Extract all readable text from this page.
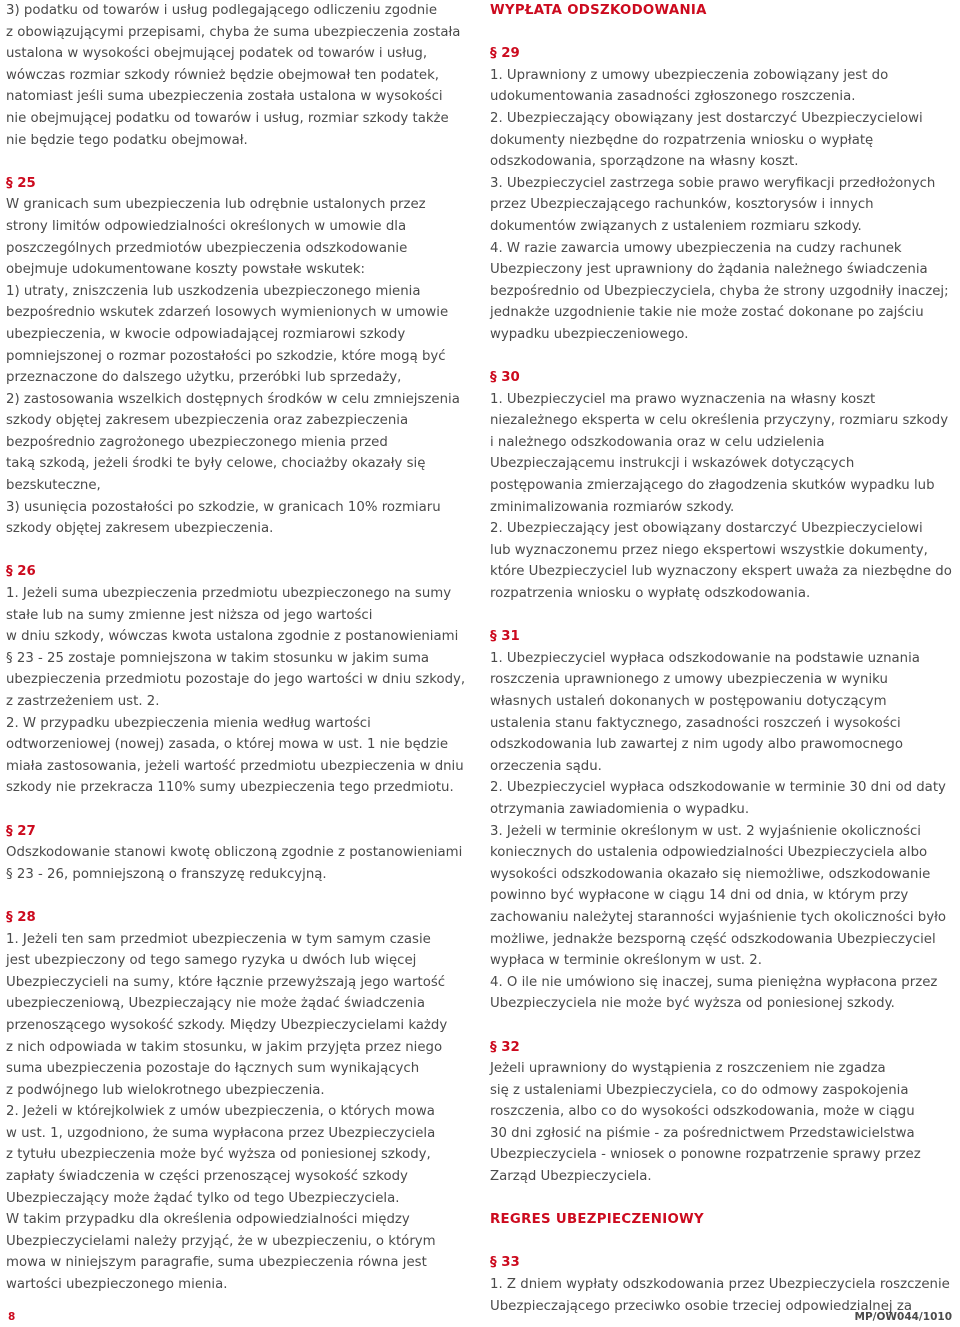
3) podatku od towarów i usług podlegającego odliczeniu zgodnie

z obowiązującymi przepisami, chyba że suma ubezpieczenia została

ustalona w wysokości obejmującej podatek od towarów i usług,

wówczas rozmiar szkody również będzie obejmował ten podatek,

natomiast jeśli suma ubezpieczenia została ustalona w wysokości

nie obejmującej podatku od towarów i usług, rozmiar szkody także

nie będzie tego podatku obejmował.

§ 25

W granicach sum ubezpieczenia lub odrębnie ustalonych przez

strony limitów odpowiedzialności określonych w umowie dla

poszczególnych przedmiotów ubezpieczenia odszkodowanie

obejmuje udokumentowane koszty powstałe wskutek:

1) utraty, zniszczenia lub uszkodzenia ubezpieczonego mienia

bezpośrednio wskutek zdarzeń losowych wymienionych w umowie

ubezpieczenia, w kwocie odpowiadającej rozmiarowi szkody

pomniejszonej o rozmar pozostałości po szkodzie, które mogą być

przeznaczone do dalszego użytku, przeróbki lub sprzedaży,

2) zastosowania wszelkich dostępnych środków w celu zmniejszenia

szkody objętej zakresem ubezpieczenia oraz zabezpieczenia

bezpośrednio zagrożonego ubezpieczonego mienia przed

taką szkodą, jeżeli środki te były celowe, chociażby okazały się

bezskuteczne,

3) usunięcia pozostałości po szkodzie, w granicach 10% rozmiaru

szkody objętej zakresem ubezpieczenia.

§ 26

1. Jeżeli suma ubezpieczenia przedmiotu ubezpieczonego na sumy

stałe lub na sumy zmienne jest niższa od jego wartości

w dniu szkody, wówczas kwota ustalona zgodnie z postanowieniami

§ 23 - 25 zostaje pomniejszona w takim stosunku w jakim suma

ubezpieczenia przedmiotu pozostaje do jego wartości w dniu szkody,

z zastrzeżeniem ust. 2.

2. W przypadku ubezpieczenia mienia według wartości

odtworzeniowej (nowej) zasada, o której mowa w ust. 1 nie będzie

miała zastosowania, jeżeli wartość przedmiotu ubezpieczenia w dniu

szkody nie przekracza 110% sumy ubezpieczenia tego przedmiotu.

§ 27

Odszkodowanie stanowi kwotę obliczoną zgodnie z postanowieniami

§ 23 - 26, pomniejszoną o franszyzę redukcyjną.

§ 28

1. Jeżeli ten sam przedmiot ubezpieczenia w tym samym czasie

jest ubezpieczony od tego samego ryzyka u dwóch lub więcej

Ubezpieczycieli na sumy, które łącznie przewyższają jego wartość

ubezpieczeniową, Ubezpieczający nie może żądać świadczenia

przenoszącego wysokość szkody. Między Ubezpieczycielami każdy

z nich odpowiada w takim stosunku, w jakim przyjęta przez niego

suma ubezpieczenia pozostaje do łącznych sum wynikających

z podwójnego lub wielokrotnego ubezpieczenia.

2. Jeżeli w którejkolwiek z umów ubezpieczenia, o których mowa

w ust. 1, uzgodniono, że suma wypłacona przez Ubezpieczyciela

z tytułu ubezpieczenia może być wyższa od poniesionej szkody,

zapłaty świadczenia w części przenoszącej wysokość szkody

Ubezpieczający może żądać tylko od tego Ubezpieczyciela.

W takim przypadku dla określenia odpowiedzialności między

Ubezpieczycielami należy przyjąć, że w ubezpieczeniu, o którym

mowa w niniejszym paragrafie, suma ubezpieczenia równa jest

wartości ubezpieczonego mienia.

WYPŁATA ODSZKODOWANIA

§ 29

1. Uprawniony z umowy ubezpieczenia zobowiązany jest do

udokumentowania zasadności zgłoszonego roszczenia.

2. Ubezpieczający obowiązany jest dostarczyć Ubezpieczycielowi

dokumenty niezbędne do rozpatrzenia wniosku o wypłatę

odszkodowania, sporządzone na własny koszt.

3. Ubezpieczyciel zastrzega sobie prawo weryfikacji przedłożonych

przez Ubezpieczającego rachunków, kosztorysów i innych

dokumentów związanych z ustaleniem rozmiaru szkody.

4. W razie zawarcia umowy ubezpieczenia na cudzy rachunek

Ubezpieczony jest uprawniony do żądania należnego świadczenia

bezpośrednio od Ubezpieczyciela, chyba że strony uzgodniły inaczej;

jednakże uzgodnienie takie nie może zostać dokonane po zajściu

wypadku ubezpieczeniowego.

§ 30

1. Ubezpieczyciel ma prawo wyznaczenia na własny koszt

niezależnego eksperta w celu określenia przyczyny, rozmiaru szkody

i należnego odszkodowania oraz w celu udzielenia

Ubezpieczającemu instrukcji i wskazówek dotyczących

postępowania zmierzającego do złagodzenia skutków wypadku lub

zminimalizowania rozmiarów szkody.

2. Ubezpieczający jest obowiązany dostarczyć Ubezpieczycielowi

lub wyznaczonemu przez niego ekspertowi wszystkie dokumenty,

które Ubezpieczyciel lub wyznaczony ekspert uważa za niezbędne do

rozpatrzenia wniosku o wypłatę odszkodowania.

§ 31

1. Ubezpieczyciel wypłaca odszkodowanie na podstawie uznania

roszczenia uprawnionego z umowy ubezpieczenia w wyniku

własnych ustaleń dokonanych w postępowaniu dotyczącym

ustalenia stanu faktycznego, zasadności roszczeń i wysokości

odszkodowania lub zawartej z nim ugody albo prawomocnego

orzeczenia sądu.

2. Ubezpieczyciel wypłaca odszkodowanie w terminie 30 dni od daty

otrzymania zawiadomienia o wypadku.

3. Jeżeli w terminie określonym w ust. 2 wyjaśnienie okoliczności

koniecznych do ustalenia odpowiedzialności Ubezpieczyciela albo

wysokości odszkodowania okazało się niemożliwe, odszkodowanie

powinno być wypłacone w ciągu 14 dni od dnia, w którym przy

zachowaniu należytej staranności wyjaśnienie tych okoliczności było

możliwe, jednakże bezsporną część odszkodowania Ubezpieczyciel

wypłaca w terminie określonym w ust. 2.

4. O ile nie umówiono się inaczej, suma pieniężna wypłacona przez

Ubezpieczyciela nie może być wyższa od poniesionej szkody.

§ 32

Jeżeli uprawniony do wystąpienia z roszczeniem nie zgadza

się z ustaleniami Ubezpieczyciela, co do odmowy zaspokojenia

roszczenia, albo co do wysokości odszkodowania, może w ciągu

30 dni zgłosić na piśmie - za pośrednictwem Przedstawicielstwa

Ubezpieczyciela - wniosek o ponowne rozpatrzenie sprawy przez

Zarząd Ubezpieczyciela.

REGRES UBEZPIECZENIOWY

§ 33

1. Z dniem wypłaty odszkodowania przez Ubezpieczyciela roszczenie

Ubezpieczającego przeciwko osobie trzeciej odpowiedzialnej za

8	MP/OW044/1010
